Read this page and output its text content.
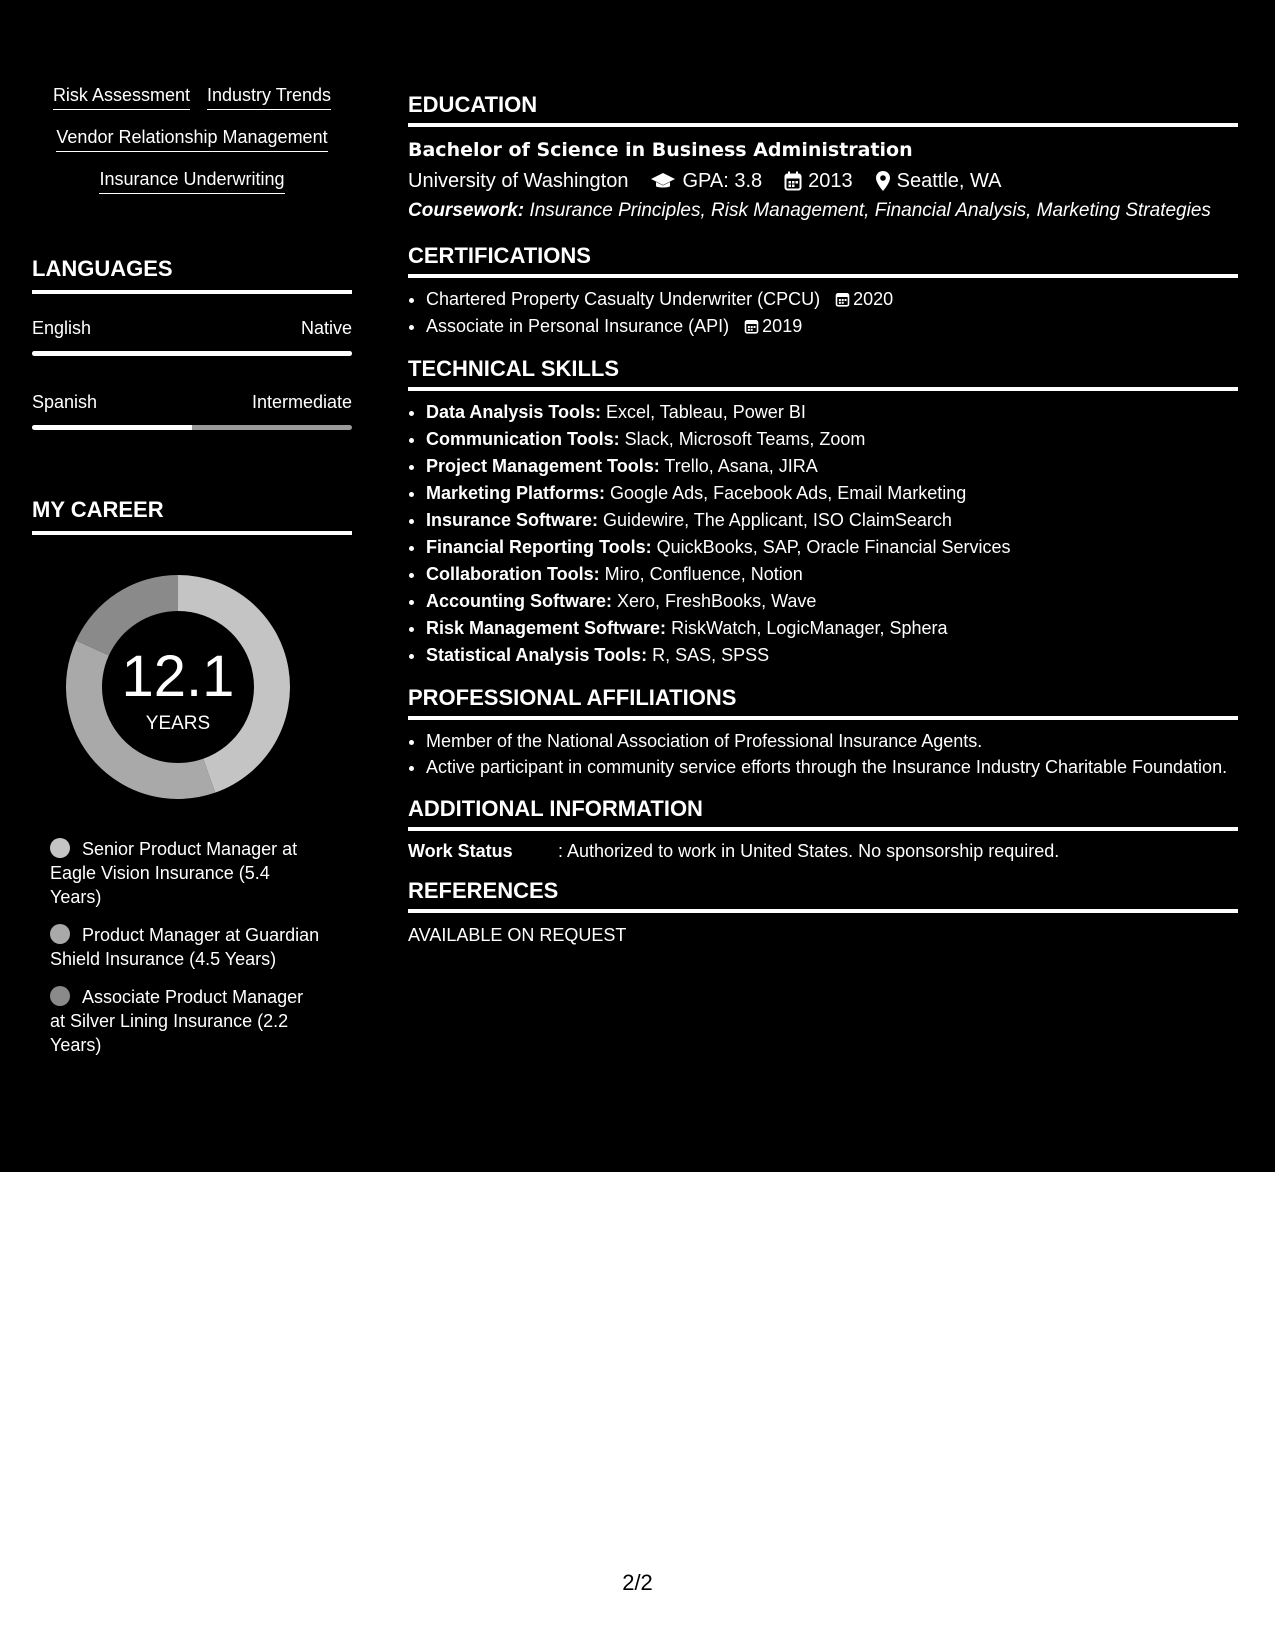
Risk Assessment Industry Trends
Vendor Relationship Management
Insurance Underwriting
LANGUAGES
English	Native
Spanish	Intermediate
MY CAREER
12.1
YEARS
Senior Product Manager at Eagle Vision Insurance (5.4 Years)
Product Manager at Guardian Shield Insurance (4.5 Years)
Associate Product Manager at Silver Lining Insurance (2.2 Years)
EDUCATION
Bachelor of Science in Business Administration
University of Washington	GPA: 3.8 2013 Seattle, WA
Coursework: Insurance Principles, Risk Management, Financial Analysis, Marketing Strategies
CERTIFICATIONS
• Chartered Property Casualty Underwriter (CPCU) 2020
• Associate in Personal Insurance (API) 2019
TECHNICAL SKILLS
• Data Analysis Tools: Excel, Tableau, Power BI
• Communication Tools: Slack, Microsoft Teams, Zoom
• Project Management Tools: Trello, Asana, JIRA
• Marketing Platforms: Google Ads, Facebook Ads, Email Marketing
• Insurance Software: Guidewire, The Applicant, ISO ClaimSearch
• Financial Reporting Tools: QuickBooks, SAP, Oracle Financial Services
• Collaboration Tools: Miro, Confluence, Notion
• Accounting Software: Xero, FreshBooks, Wave
• Risk Management Software: RiskWatch, LogicManager, Sphera
• Statistical Analysis Tools: R, SAS, SPSS
PROFESSIONAL AFFILIATIONS
• Member of the National Association of Professional Insurance Agents.
• Active participant in community service efforts through the Insurance Industry Charitable Foundation.
ADDITIONAL INFORMATION
Work Status	: Authorized to work in United States. No sponsorship required.
REFERENCES
AVAILABLE ON REQUEST
2/2
